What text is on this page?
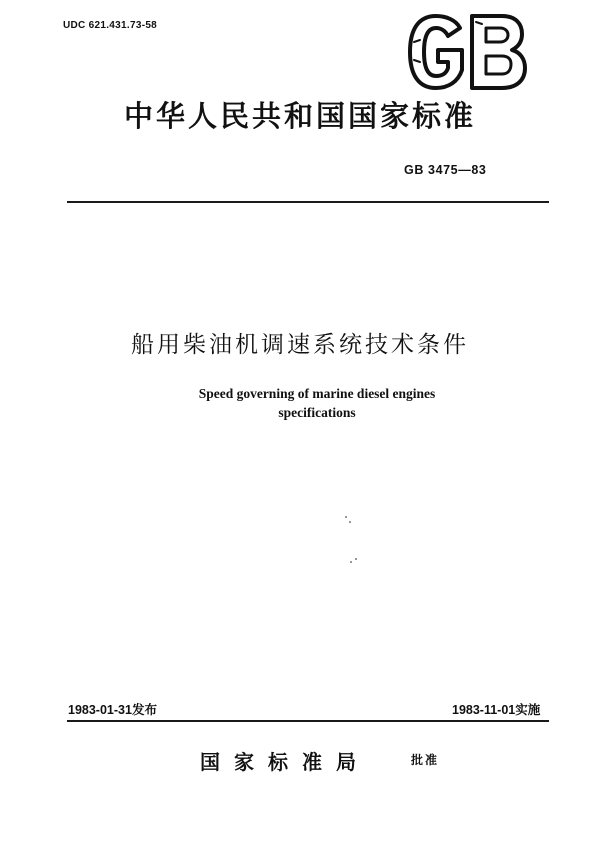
UDC 621.431.73-58
中华人民共和国国家标准
GB 3475—83
船用柴油机调速系统技术条件
Speed governing of marine diesel engines
specifications
1983-01-31发布	1983-11-01实施
国家标准局	批准
